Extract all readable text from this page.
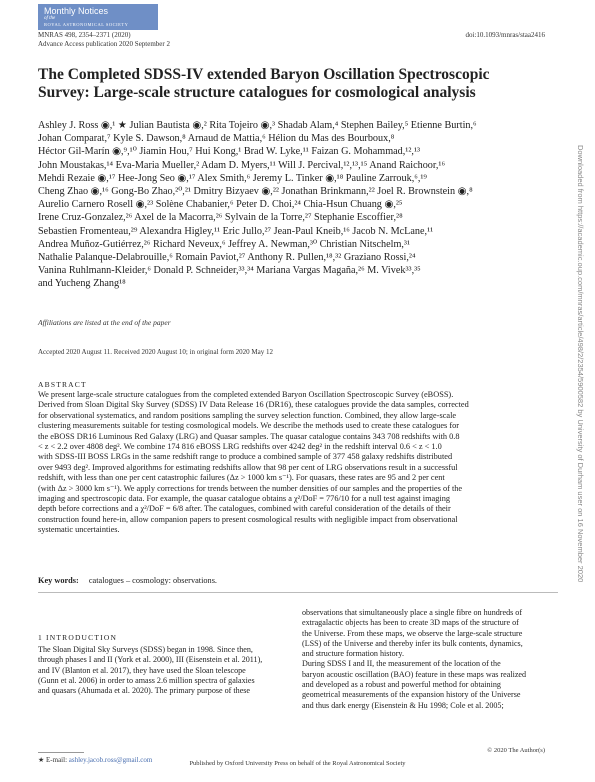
Monthly Notices
of the
ROYAL ASTRONOMICAL SOCIETY
MNRAS 498, 2354–2371 (2020)
Advance Access publication 2020 September 2
doi:10.1093/mnras/staa2416
The Completed SDSS-IV extended Baryon Oscillation Spectroscopic
Survey: Large-scale structure catalogues for cosmological analysis
Ashley J. Ross ◉,¹ ★ Julian Bautista ◉,² Rita Tojeiro ◉,³ Shadab Alam,⁴ Stephen Bailey,⁵ Etienne Burtin,⁶
Johan Comparat,⁷ Kyle S. Dawson,⁸ Arnaud de Mattia,⁶ Hélion du Mas des Bourboux,⁸
Héctor Gil-Marín ◉,⁹,¹⁰ Jiamin Hou,⁷ Hui Kong,¹ Brad W. Lyke,¹¹ Faizan G. Mohammad,¹²,¹³
John Moustakas,¹⁴ Eva-Maria Mueller,² Adam D. Myers,¹¹ Will J. Percival,¹²,¹³,¹⁵ Anand Raichoor,¹⁶
Mehdi Rezaie ◉,¹⁷ Hee-Jong Seo ◉,¹⁷ Alex Smith,⁶ Jeremy L. Tinker ◉,¹⁸ Pauline Zarrouk,⁶,¹⁹
Cheng Zhao ◉,¹⁶ Gong-Bo Zhao,²⁰,²¹ Dmitry Bizyaev ◉,²² Jonathan Brinkmann,²² Joel R. Brownstein ◉,⁸
Aurelio Carnero Rosell ◉,²³ Solène Chabanier,⁶ Peter D. Choi,²⁴ Chia-Hsun Chuang ◉,²⁵
Irene Cruz-Gonzalez,²⁶ Axel de la Macorra,²⁶ Sylvain de la Torre,²⁷ Stephanie Escoffier,²⁸
Sebastien Fromenteau,²⁹ Alexandra Higley,¹¹ Eric Jullo,²⁷ Jean-Paul Kneib,¹⁶ Jacob N. McLane,¹¹
Andrea Muñoz-Gutiérrez,²⁶ Richard Neveux,⁶ Jeffrey A. Newman,³⁰ Christian Nitschelm,³¹
Nathalie Palanque-Delabrouille,⁶ Romain Paviot,²⁷ Anthony R. Pullen,¹⁸,³² Graziano Rossi,²⁴
Vanina Ruhlmann-Kleider,⁶ Donald P. Schneider,³³,³⁴ Mariana Vargas Magaña,²⁶ M. Vivek³³,³⁵
and Yucheng Zhang¹⁸
Affiliations are listed at the end of the paper
Accepted 2020 August 11. Received 2020 August 10; in original form 2020 May 12
ABSTRACT
We present large-scale structure catalogues from the completed extended Baryon Oscillation Spectroscopic Survey (eBOSS).
Derived from Sloan Digital Sky Survey (SDSS) IV Data Release 16 (DR16), these catalogues provide the data samples, corrected
for observational systematics, and random positions sampling the survey selection function. Combined, they allow large-scale
clustering measurements suitable for testing cosmological models. We describe the methods used to create these catalogues for
the eBOSS DR16 Luminous Red Galaxy (LRG) and Quasar samples. The quasar catalogue contains 343 708 redshifts with 0.8
< z < 2.2 over 4808 deg². We combine 174 816 eBOSS LRG redshifts over 4242 deg² in the redshift interval 0.6 < z < 1.0
with SDSS-III BOSS LRGs in the same redshift range to produce a combined sample of 377 458 galaxy redshifts distributed
over 9493 deg². Improved algorithms for estimating redshifts allow that 98 per cent of LRG observations result in a successful
redshift, with less than one per cent catastrophic failures (Δz > 1000 km s⁻¹). For quasars, these rates are 95 and 2 per cent
(with Δz > 3000 km s⁻¹). We apply corrections for trends between the number densities of our samples and the properties of the
imaging and spectroscopic data. For example, the quasar catalogue obtains a χ²/DoF = 776/10 for a null test against imaging
depth before corrections and a χ²/DoF = 6/8 after. The catalogues, combined with careful consideration of the details of their
construction found here-in, allow companion papers to present cosmological results with negligible impact from observational
systematic uncertainties.
Key words: catalogues – cosmology: observations.
observations that simultaneously place a single fibre on hundreds of
extragalactic objects has been to create 3D maps of the structure of
the Universe. From these maps, we observe the large-scale structure
(LSS) of the Universe and thereby infer its bulk contents, dynamics,
and structure formation history.
During SDSS I and II, the measurement of the location of the
baryon acoustic oscillation (BAO) feature in these maps was realized
and developed as a robust and powerful method for obtaining
geometrical measurements of the expansion history of the Universe
and thus dark energy (Eisenstein & Hu 1998; Cole et al. 2005;
1 INTRODUCTION
The Sloan Digital Sky Surveys (SDSS) began in 1998. Since then,
through phases I and II (York et al. 2000), III (Eisenstein et al. 2011),
and IV (Blanton et al. 2017), they have used the Sloan telescope
(Gunn et al. 2006) in order to amass 2.6 million spectra of galaxies
and quasars (Ahumada et al. 2020). The primary purpose of these
★ E-mail: ashley.jacob.ross@gmail.com
© 2020 The Author(s)
Published by Oxford University Press on behalf of the Royal Astronomical Society
Downloaded from https://academic.oup.com/mnras/article/498/2/2354/5900582 by University of Durham user on 16 November 2020
